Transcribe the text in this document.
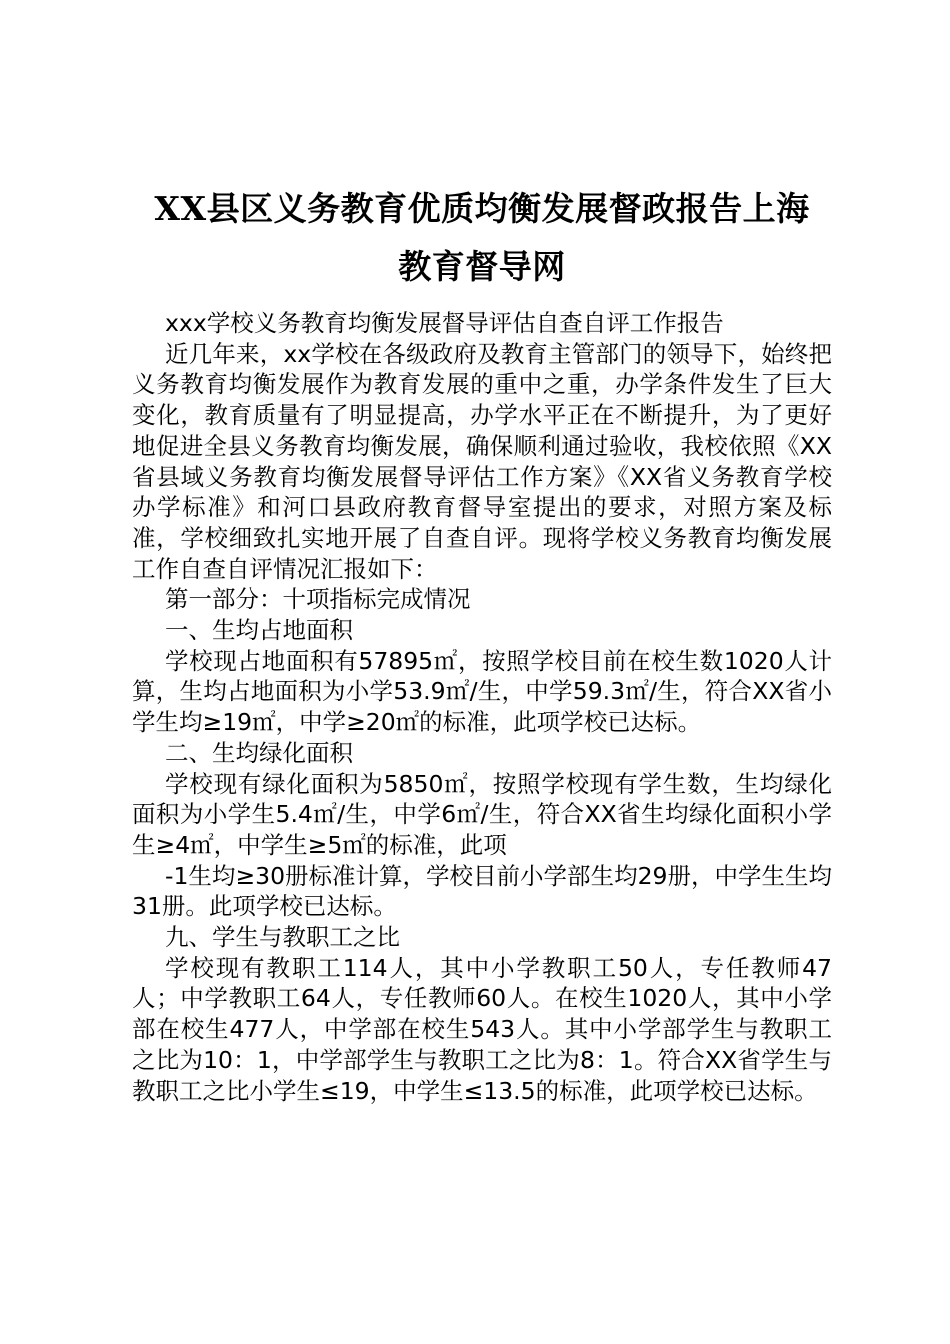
XX县区义务教育优质均衡发展督政报告上海
教育督导网

xxx学校义务教育均衡发展督导评估自查自评工作报告

近几年来，xx学校在各级政府及教育主管部门的领导下，始终把义务教育均衡发展作为教育发展的重中之重，办学条件发生了巨大变化，教育质量有了明显提高，办学水平正在不断提升，为了更好地促进全县义务教育均衡发展，确保顺利通过验收，我校依照《XX省县域义务教育均衡发展督导评估工作方案》《XX省义务教育学校办学标准》和河口县政府教育督导室提出的要求，对照方案及标准，学校细致扎实地开展了自查自评。现将学校义务教育均衡发展工作自查自评情况汇报如下：

第一部分：十项指标完成情况

一、生均占地面积

学校现占地面积有57895㎡，按照学校目前在校生数1020人计算，生均占地面积为小学53.9㎡/生，中学59.3㎡/生，符合XX省小学生均≥19㎡，中学≥20㎡的标准，此项学校已达标。

二、生均绿化面积

学校现有绿化面积为5850㎡，按照学校现有学生数，生均绿化面积为小学生5.4㎡/生，中学6㎡/生，符合XX省生均绿化面积小学生≥4㎡，中学生≥5㎡的标准，此项

-1生均≥30册标准计算，学校目前小学部生均29册，中学生生均31册。此项学校已达标。

九、学生与教职工之比

学校现有教职工114人，其中小学教职工50人，专任教师47人；中学教职工64人，专任教师60人。在校生1020人，其中小学部在校生477人，中学部在校生543人。其中小学部学生与教职工之比为10：1，中学部学生与教职工之比为8：1。符合XX省学生与教职工之比小学生≤19，中学生≤13.5的标准，此项学校已达标。
